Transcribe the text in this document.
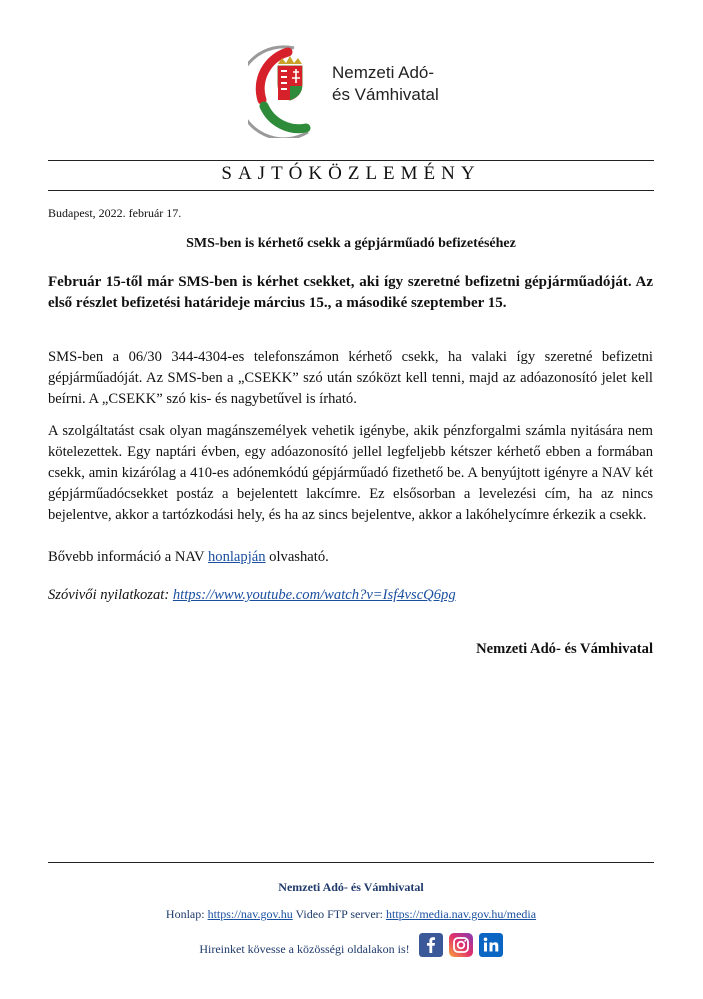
Nemzeti Adó-
és Vámhivatal
SAJTÓKÖZLEMÉNY
Budapest, 2022. február 17.
SMS-ben is kérhető csekk a gépjárműadó befizetéséhez
Február 15-től már SMS-ben is kérhet csekket, aki így szeretné befizetni gépjárműadóját. Az első részlet befizetési határideje március 15., a másodiké szeptember 15.
SMS-ben a 06/30 344-4304-es telefonszámon kérhető csekk, ha valaki így szeretné befizetni gépjárműadóját. Az SMS-ben a „CSEKK” szó után szóközt kell tenni, majd az adóazonosító jelet kell beírni. A „CSEKK” szó kis- és nagybetűvel is írható.
A szolgáltatást csak olyan magánszemélyek vehetik igénybe, akik pénzforgalmi számla nyitására nem kötelezettek. Egy naptári évben, egy adóazonosító jellel legfeljebb kétszer kérhető ebben a formában csekk, amin kizárólag a 410-es adónemkódú gépjárműadó fizethető be. A benyújtott igényre a NAV két gépjárműadócsekket postáz a bejelentett lakcímre. Ez elsősorban a levelezési cím, ha az nincs bejelentve, akkor a tartózkodási hely, és ha az sincs bejelentve, akkor a lakóhelycímre érkezik a csekk.
Bővebb információ a NAV honlapján olvasható.
Szóvivői nyilatkozat: https://www.youtube.com/watch?v=Isf4vscQ6pg
Nemzeti Adó- és Vámhivatal
Nemzeti Adó- és Vámhivatal
Honlap: https://nav.gov.hu Video FTP server: https://media.nav.gov.hu/media
Hireinket kövesse a közösségi oldalakon is!
